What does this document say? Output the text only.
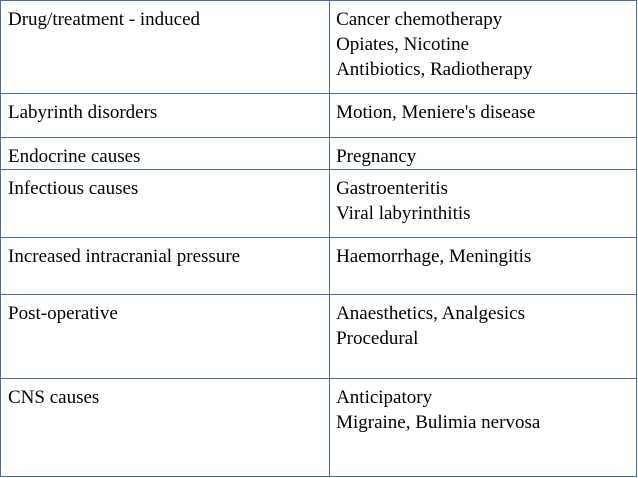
Drug/treatment - induced	Cancer chemotherapy
Opiates, Nicotine
Antibiotics, Radiotherapy

Labyrinth disorders	Motion, Meniere's disease

Endocrine causes	Pregnancy

Infectious causes	Gastroenteritis
Viral labyrinthitis

Increased intracranial pressure	Haemorrhage, Meningitis

Post-operative	Anaesthetics, Analgesics
Procedural

CNS causes	Anticipatory
Migraine, Bulimia nervosa
